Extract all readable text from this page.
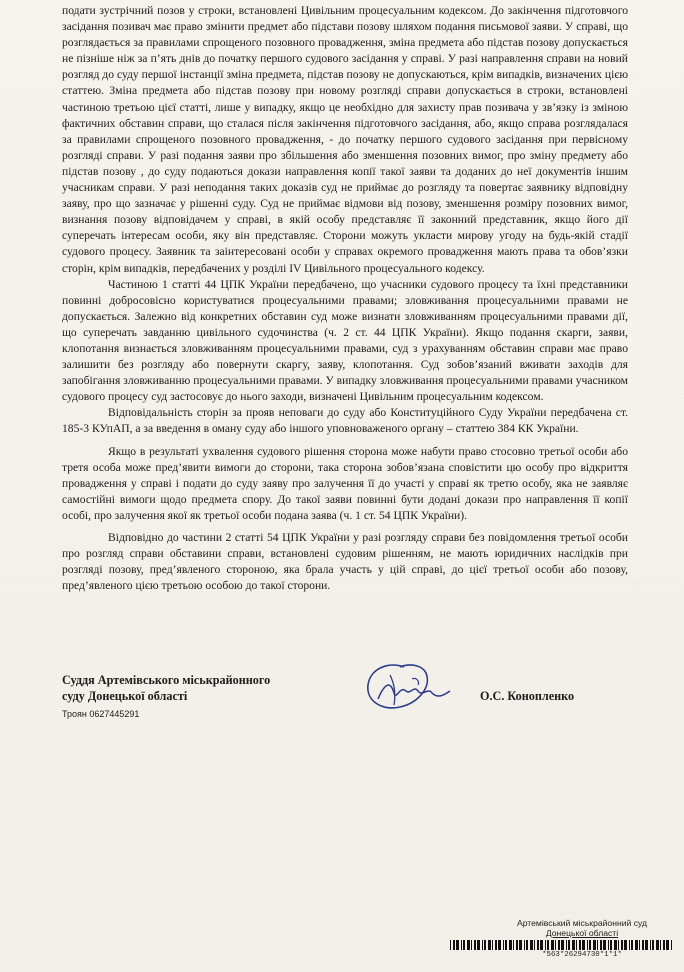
подати зустрічний позов у строки, встановлені Цивільним процесуальним кодексом. До закінчення підготовчого засідання позивач має право змінити предмет або підстави позову шляхом подання письмової заяви. У справі, що розглядається за правилами спрощеного позовного провадження, зміна предмета або підстав позову допускається не пізніше ніж за п’ять днів до початку першого судового засідання у справі. У разі направлення справи на новий розгляд до суду першої інстанції зміна предмета, підстав позову не допускаються, крім випадків, визначених цією статтею. Зміна предмета або підстав позову при новому розгляді справи допускається в строки, встановлені частиною третьою цієї статті, лише у випадку, якщо це необхідно для захисту прав позивача у зв’язку із зміною фактичних обставин справи, що сталася після закінчення підготовчого засідання, або, якщо справа розглядалася за правилами спрощеного позовного провадження, - до початку першого судового засідання при первісному розгляді справи. У разі подання заяви про збільшення або зменшення позовних вимог, про зміну предмету або підстав позову , до суду подаються докази направлення копії такої заяви та доданих до неї документів іншим учасникам справи. У разі неподання таких доказів суд не приймає до розгляду та повертає заявнику відповідну заяву, про що зазначає у рішенні суду. Суд не приймає відмови від позову, зменшення розміру позовних вимог, визнання позову відповідачем у справі, в якій особу представляє її законний представник, якщо його дії суперечать інтересам особи, яку він представляє. Сторони можуть укласти мирову угоду на будь-якій стадії судового процесу. Заявник та заінтересовані особи у справах окремого провадження мають права та обов’язки сторін, крім випадків, передбачених у розділі IV Цивільного процесуального кодексу.

Частиною 1 статті 44 ЦПК України передбачено, що учасники судового процесу та їхні представники повинні добросовісно користуватися процесуальними правами; зловживання процесуальними правами не допускається. Залежно від конкретних обставин суд може визнати зловживанням процесуальними правами дії, що суперечать завданню цивільного судочинства (ч. 2 ст. 44 ЦПК України). Якщо подання скарги, заяви, клопотання визнається зловживанням процесуальними правами, суд з урахуванням обставин справи має право залишити без розгляду або повернути скаргу, заяву, клопотання. Суд зобов’язаний вживати заходів для запобігання зловживанню процесуальними правами. У випадку зловживання процесуальними правами учасником судового процесу суд застосовує до нього заходи, визначені Цивільним процесуальним кодексом.

Відповідальність сторін за прояв неповаги до суду або Конституційного Суду України передбачена ст. 185-3 КУпАП, а за введення в оману суду або іншого уповноваженого органу – статтею 384 КК України.

Якщо в результаті ухвалення судового рішення сторона може набути право стосовно третьої особи або третя особа може пред’явити вимоги до сторони, така сторона зобов’язана сповістити цю особу про відкриття провадження у справі і подати до суду заяву про залучення її до участі у справі як третю особу, яка не заявляє самостійні вимоги щодо предмета спору. До такої заяви повинні бути додані докази про направлення її копії особі, про залучення якої як третьої особи подана заява (ч. 1 ст. 54 ЦПК України).

Відповідно до частини 2 статті 54 ЦПК України у разі розгляду справи без повідомлення третьої особи про розгляд справи обставини справи, встановлені судовим рішенням, не мають юридичних наслідків при розгляді позову, пред’явленого стороною, яка брала участь у цій справі, до цієї третьої особи або позову, пред’явленого цією третьою особою до такої сторони.

Суддя Артемівського міськрайонного
суду Донецької області	О.С. Конопленко
Троян 0627445291
Артемівський міськрайонний суд
Донецької області
*563*26294730*1*1*
